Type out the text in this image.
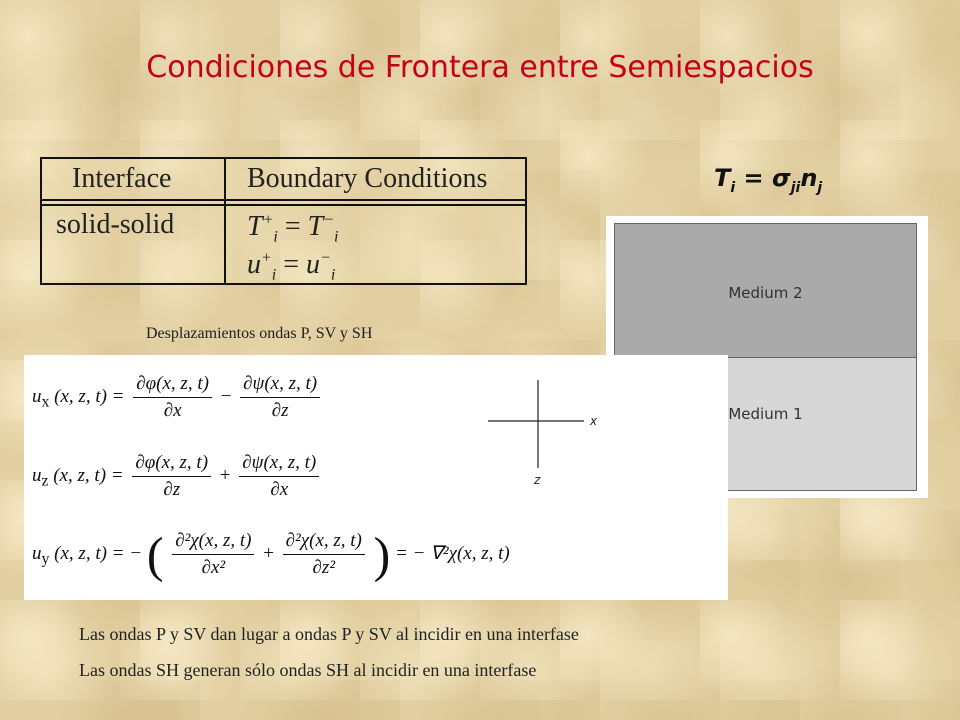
Condiciones de Frontera entre Semiespacios
Interface	Boundary Conditions
solid-solid	$T^+_i = T^-_i$
$u^+_i = u^-_i$
$T_i = \sigma_{ji}n_j$
Medium 2
Medium 1
Desplazamientos ondas P, SV y SH
$u_x$ (x, z, $t) = \frac{\partial\varphi(x, z, t)}{\partial x} - \frac{\partial\psi(x, z, t)}{\partial z}$
$u_z$ (x, z, $t) = \frac{\partial\varphi(x, z, t)}{\partial z} + \frac{\partial\psi(x, z, t)}{\partial x}$
$u_y$ (x, z, t) = − ( $\frac{\text{∂²χ(x, z, t)}}{\text{∂x²}} + \frac{\text{∂²χ(x, z, t)}}{\text{∂z²}}$ ) = − ∇²χ(x, z, t)
x
z
Las ondas P y SV dan lugar a ondas P y SV al incidir en una interfase
Las ondas SH generan sólo ondas SH al incidir en una interfase
